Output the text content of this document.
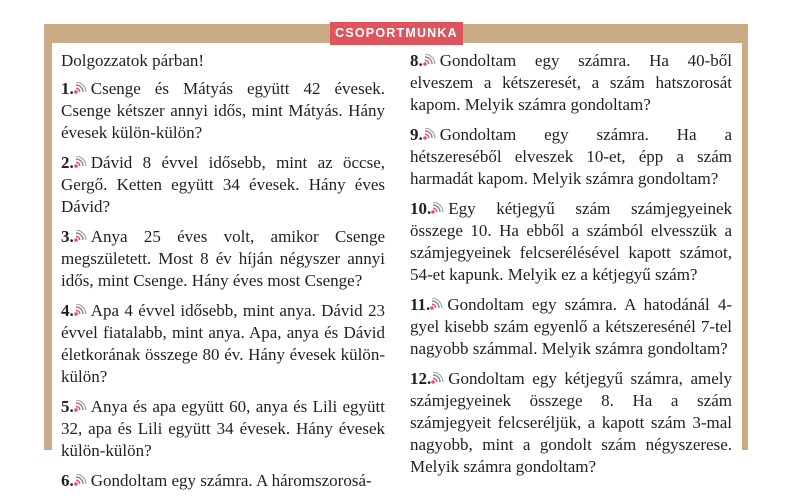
CSOPORTMUNKA

Dolgozzatok párban!

1. Csenge és Mátyás együtt 42 évesek. Csenge kétszer annyi idős, mint Mátyás. Hány évesek külön-külön?

2. Dávid 8 évvel idősebb, mint az öccse, Gergő. Ketten együtt 34 évesek. Hány éves Dávid?

3. Anya 25 éves volt, amikor Csenge megszületett. Most 8 év híján négyszer annyi idős, mint Csenge. Hány éves most Csenge?

4. Apa 4 évvel idősebb, mint anya. Dávid 23 évvel fiatalabb, mint anya. Apa, anya és Dávid életkorának összege 80 év. Hány évesek külön-külön?

5. Anya és apa együtt 60, anya és Lili együtt 32, apa és Lili együtt 34 évesek. Hány évesek külön-külön?

6. Gondoltam egy számra. A háromszorosá-

8. Gondoltam egy számra. Ha 40-ből elveszem a kétszeresét, a szám hatszorosát kapom. Melyik számra gondoltam?

9. Gondoltam egy számra. Ha a hétszereséből elveszek 10-et, épp a szám harmadát kapom. Melyik számra gondoltam?

10. Egy kétjegyű szám számjegyeinek összege 10. Ha ebből a számból elvesszük a számjegyeinek felcserélésével kapott számot, 54-et kapunk. Melyik ez a kétjegyű szám?

11. Gondoltam egy számra. A hatodánál 4-gyel kisebb szám egyenlő a kétszeresénél 7-tel nagyobb számmal. Melyik számra gondoltam?

12. Gondoltam egy kétjegyű számra, amely számjegyeinek összege 8. Ha a szám számjegyeit felcseréljük, a kapott szám 3-mal nagyobb, mint a gondolt szám négyszerese. Melyik számra gondoltam?
